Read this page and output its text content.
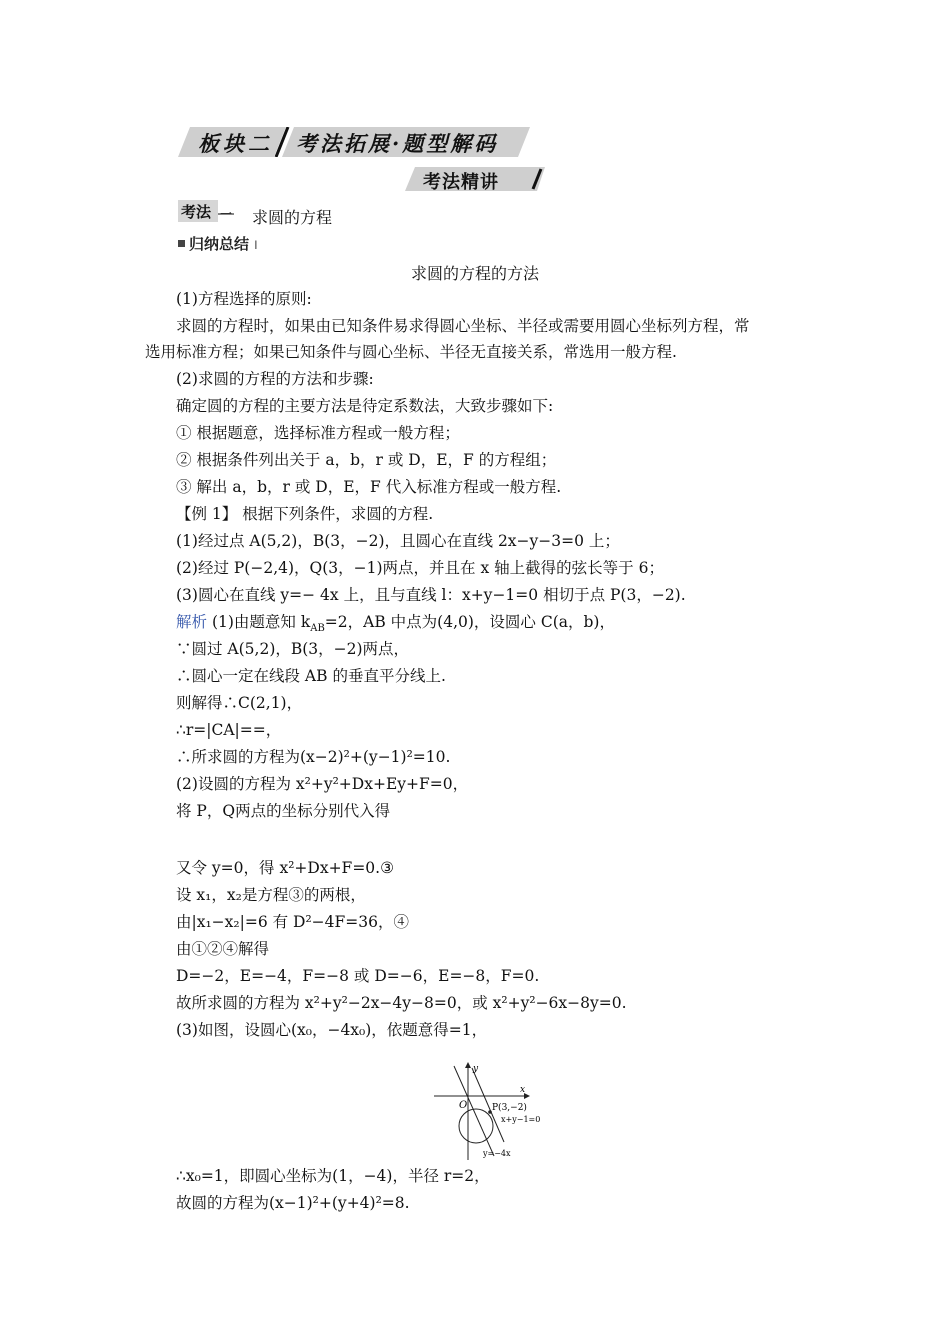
板块二 考法拓展·题型解码
考法精讲
考法 一 求圆的方程
归纳总结 ı
求圆的方程的方法
(1)方程选择的原则:
求圆的方程时，如果由已知条件易求得圆心坐标、半径或需要用圆心坐标列方程，常
选用标准方程；如果已知条件与圆心坐标、半径无直接关系，常选用一般方程.
(2)求圆的方程的方法和步骤:
确定圆的方程的主要方法是待定系数法，大致步骤如下:
① 根据题意，选择标准方程或一般方程；
② 根据条件列出关于 a，b，r 或 D，E，F 的方程组；
③ 解出 a，b，r 或 D，E，F 代入标准方程或一般方程.
【例 1】 根据下列条件，求圆的方程.
(1)经过点 A(5,2)，B(3，−2)，且圆心在直线 2x−y−3=0 上；
(2)经过 P(−2,4)，Q(3，−1)两点，并且在 x 轴上截得的弦长等于 6；
(3)圆心在直线 y=− 4x 上，且与直线 l：x+y−1=0 相切于点 P(3，−2).
解析 (1)由题意知 $k_{AB}=2$，AB 中点为(4,0)，设圆心 C(a，b)，
∵圆过 A(5,2)，B(3，−2)两点，
∴圆心一定在线段 AB 的垂直平分线上.
则解得∴C(2,1)，
∴r=|CA|==，
∴所求圆的方程为(x−2)²+(y−1)²=10.
(2)设圆的方程为 x²+y²+Dx+Ey+F=0，
将 P，Q两点的坐标分别代入得
又令 y=0，得 x²+Dx+F=0.③
设 x₁，x₂是方程③的两根，
由|x₁−x₂|=6 有 D²−4F=36，④
由①②④解得
D=−2，E=−4，F=−8 或 D=−6，E=−8，F=0.
故所求圆的方程为 x²+y²−2x−4y−8=0，或 x²+y²−6x−8y=0.
(3)如图，设圆心(x₀，−4x₀)，依题意得=1，
y
x
O	P(3,−2)
x+y−1=0
y=−4x
∴x₀=1，即圆心坐标为(1，−4)，半径 r=2，
故圆的方程为(x−1)²+(y+4)²=8.
